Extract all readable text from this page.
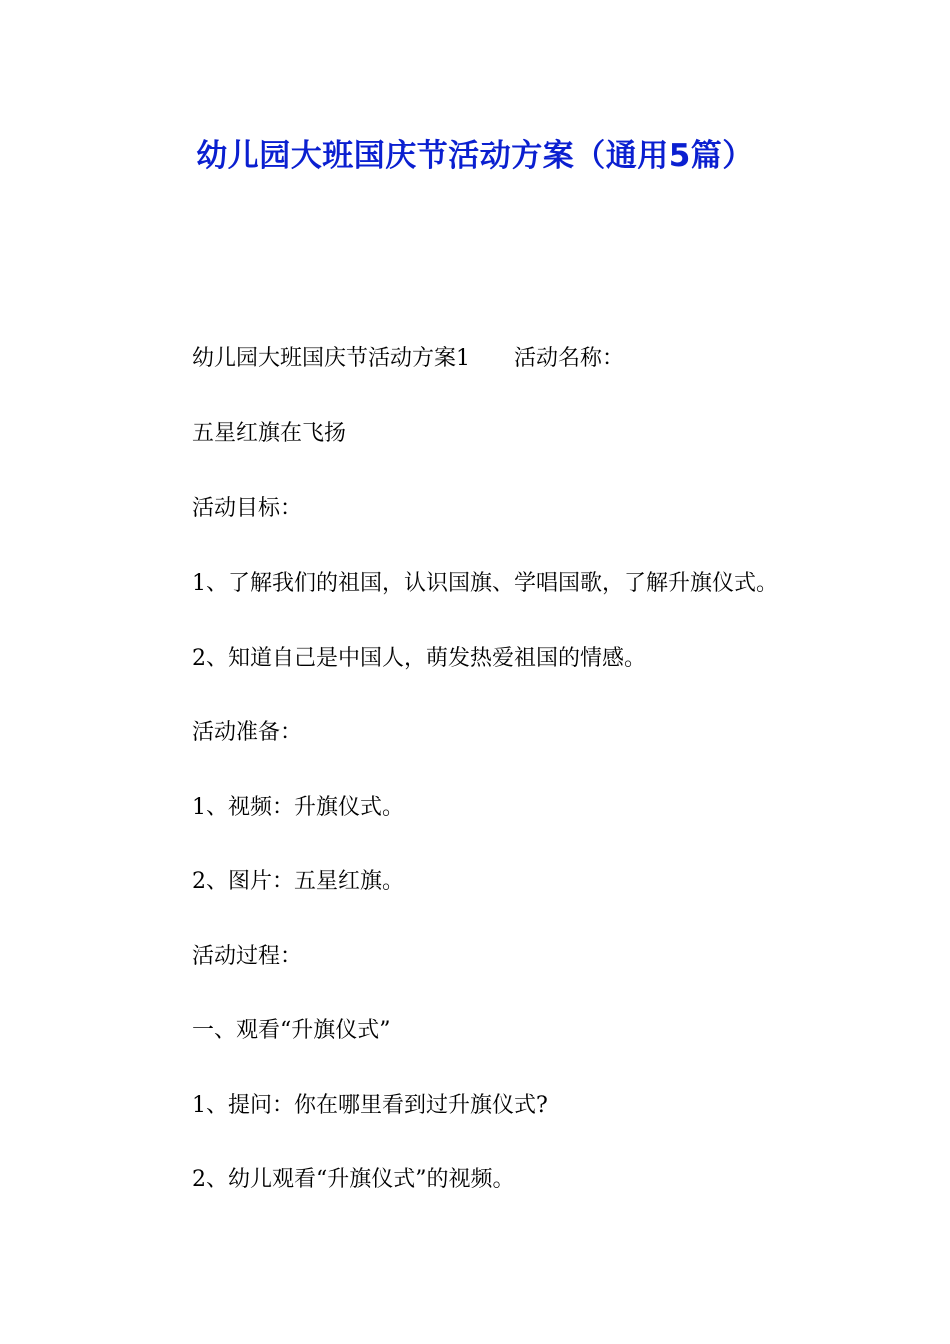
幼儿园大班国庆节活动方案（通用5篇）
幼儿园大班国庆节活动方案1 活动名称：
五星红旗在飞扬
活动目标：
1、了解我们的祖国，认识国旗、学唱国歌，了解升旗仪式。
2、知道自己是中国人，萌发热爱祖国的情感。
活动准备：
1、视频：升旗仪式。
2、图片：五星红旗。
活动过程：
一、观看“升旗仪式”
1、提问：你在哪里看到过升旗仪式?
2、幼儿观看“升旗仪式”的视频。
